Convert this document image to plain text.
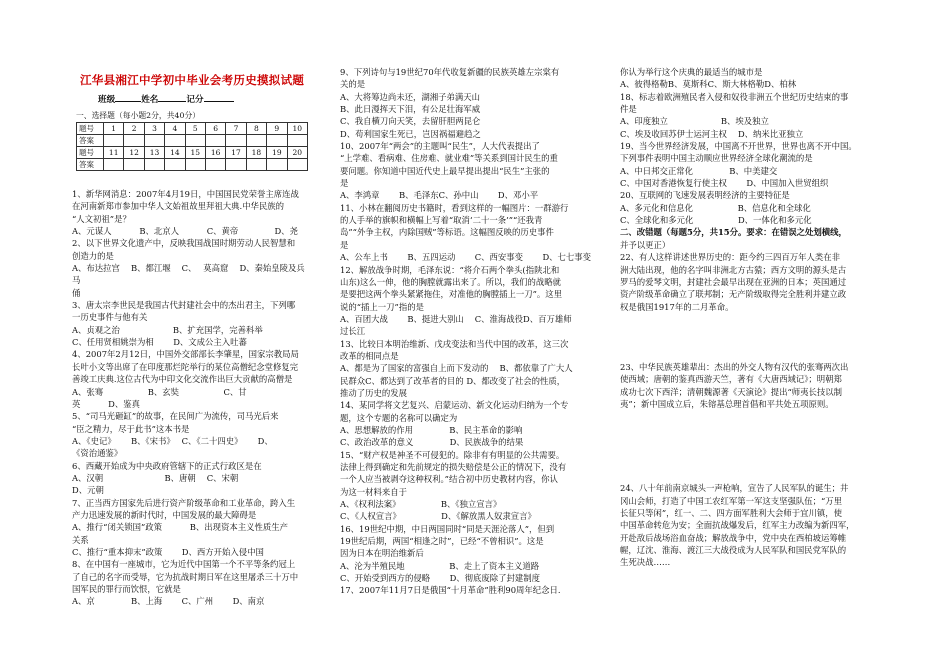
江华县湘江中学初中毕业会考历史摸拟试题
班级	姓名	记分
一、选择题（每小题2分，共40分）
题号	1	2	3	4	5	6	7	8	9	10
答案										
题号	11	12	13	14	15	16	17	18	19	20
答案										
1、新华网消息：2007年4月19日，中国国民党荣誉主席连战
在河南新郑市参加中华人文始祖故里拜祖大典.中华民族的
“人文初祖”是？
A、元谋人　　　 B、北京人　　　 C、黄帝　　　　 D、尧
2、以下世界文化遗产中，反映我国战国时期劳动人民智慧和
创造力的是
A、布达拉宫　 B、都江堰　 C、　 莫高窟　 D、秦始皇陵及兵马
俑
3、唐太宗李世民是我国古代封建社会中的杰出君主，下列哪
一历史事件与他有关
A、贞观之治　　　　　　 B、扩充国学，完善科举
C、任用贤相姚崇为相　　 D、文成公主入吐蕃
4、2007年2月12日，中国外交部部长李肇星，国家宗教局局
长叶小文等出席了在印度那烂陀举行的某位高僧纪念堂修复完
善竣工庆典.这位古代为中印文化交流作出巨大贡献的高僧是
A、张骞　　　　　 B、玄奘　　　　　 C、甘
英　　　 D、鉴真
5、“司马光砸缸”的故事，在民间广为流传，司马光后来
“臣之精力，尽于此书”这本书是
A、《史记》　　 B、《宋书》　 C、《二十四史》　　 D、
《资治通鉴》
6、西藏开始成为中央政府管辖下的正式行政区是在
A、汉朝　　　　　　　 B、唐朝　 C、宋朝
D、元朝
7、正当西方国家先后进行资产阶级革命和工业革命，跨入生
产力迅速发展的新时代时，中国发展的最大障碍是
A、推行“闭关锁国”政策　　　 B、出现资本主义性质生产
关系
C、推行“重本抑末”政策　　 D、西方开始入侵中国
8、在中国有一座城市，它为近代中国第一个不平等条约冠上
了自己的名字而受辱，它为抗战时期日军在这里屠杀三十万中
国军民的罪行而饮恨，它就是
A、京　　　　 B、上海　　 C、广州　　 D、南京
9、下列诗句与19世纪70年代收复新疆的民族英雄左宗棠有
关的是
A、大将筹边尚未还，湖湘子弟满天山
B、此日漫挥天下泪，有公足壮海军威
C、我自横刀向天笑，去留肝胆两昆仑
D、苟利国家生死已，岂因祸福避趋之
10、2007年“两会”的主题叫“民生”，人大代表提出了
“上学难、看病难、住房难、就业难”等关系到国计民生的重
要问题。你知道中国近代史上最早提出提出“民生”主张的
是
A、李鸿章　　 B、毛泽东C、孙中山　　 D、邓小平
11、小林在翻阅历史书籍时，看到这样的一幅图片：一群游行
的人手举的旗帜和横幅上写着“取消‘二十一条’”“还我青
岛”“外争主权，内除国贼”等标语。这幅图反映的历史事件
是
A、公车上书　　 B、五四运动　　 C、西安事变　　 D、七七事变
12、解放战争时期，毛泽东说：“将介石两个拳头(指陕北和
山东)这么一伸，他的胸膛就露出来了。所以，我们的战略就
是要把这两个拳头紧紧拖住，对准他的胸膛插上一刀”。这里
说的“插上一刀”指的是
A、百团大战　　 B、挺进大别山　 C、淮海战役D、百万雄师
过长江
13、比较日本明治维新、戊戌变法和当代中国的改革，这三次
改革的相同点是
A、都是为了国家的富强自上而下发动的　 B、都依靠了广大人
民群众C、都达到了改革者的目的 D、都改变了社会的性质，
推动了历史的发展
14、某同学将文艺复兴、启蒙运动、新文化运动归纳为一个专
题，这个专题的名称可以确定为
A、思想解放的作用　　　　 B、民主革命的影响
C、政治改革的意义　　　　 D、民族战争的结果
15、“财产权是神圣不可侵犯的。除非有有明显的公共需要。
法律上得到确定和先前规定的损失赔偿是公正的情况下，没有
一个人应当被剥夺这种权利。”结合初中历史教材内容，你认
为这一材料来自于
A、《权利法案》　　　　　 B、《独立宣言》
C、《人权宣言》　　　　　 D、《解放黑人奴隶宣言》
16、19世纪中期，中日两国同时“同是天涯沦落人”，但到
19世纪后期，两国“相逢之时”，已经“不曾相识”。这是
因为日本在明治维新后
A、沦为半殖民地　　　　　 B、走上了资本主义道路
C、开始受到西方的侵略　　 D、彻底废除了封建制度
17、2007年11月7日是俄国“十月革命”胜利90周年纪念日.
你认为举行这个庆典的最适当的城市是
A、彼得格勒B、莫斯科C、斯大林格勒D、柏林
18、标志着欧洲殖民者入侵和奴役非洲五个世纪历史结束的事
件是
A、印度独立　　　　　　 B、埃及独立
C、埃及收回苏伊士运河主权　 D、纳米比亚独立
19、当今世界经济发展，中国离不开世界，世界也离不开中国。
下列事件表明中国主动顺应世界经济全球化潮流的是
A、中日邦交正常化　　　　 B、中美建交
C、中国对香港恢复行使主权　　 D、中国加入世贸组织
20、互联网的飞速发展表明经济的主要特征是
A、多元化和信息化　　　　　 B、信息化和全球化
C、全球化和多元化　　　　　 D、一体化和多元化
二、改错题（每题5分，共15分。要求：在错误之处划横线，
并予以更正）
22、有人这样讲述世界历史的：距今约三四百万年人类在非
洲大陆出现，他的名字叫非洲北方古猿；西方文明的源头是古
罗马的爱琴文明，封建社会最早出现在亚洲的日本；英国通过
资产阶级革命确立了联邦制；无产阶级取得完全胜利并建立政
权是俄国1917年的二月革命。
23、中华民族英雄辈出：杰出的外交人物有汉代的张骞两次出
使西域；唐朝的鉴真西游天竺，著有《大唐西域记》；明朝郑
成功七次下西洋；清朝魏源著《天演论》提出“师夷长技以制
夷”；新中国成立后，朱镕基总理首倡和平共处五项原则。
24、八十年前南京城头一声枪响，宣告了人民军队的诞生；井
冈山会师，打造了中国工农红军第一军这支坚强队伍；“万里
长征只等闲”，红一、二、四方面军胜利大会师于宜川镇，使
中国革命转危为安；全面抗战爆发后，红军主力改编为新四军，
开赴敌后战场浴血奋战；解放战争中，党中央在西柏坡运筹帷
幄，辽沈、淮海、渡江三大战役成为人民军队和国民党军队的
生死决战……
